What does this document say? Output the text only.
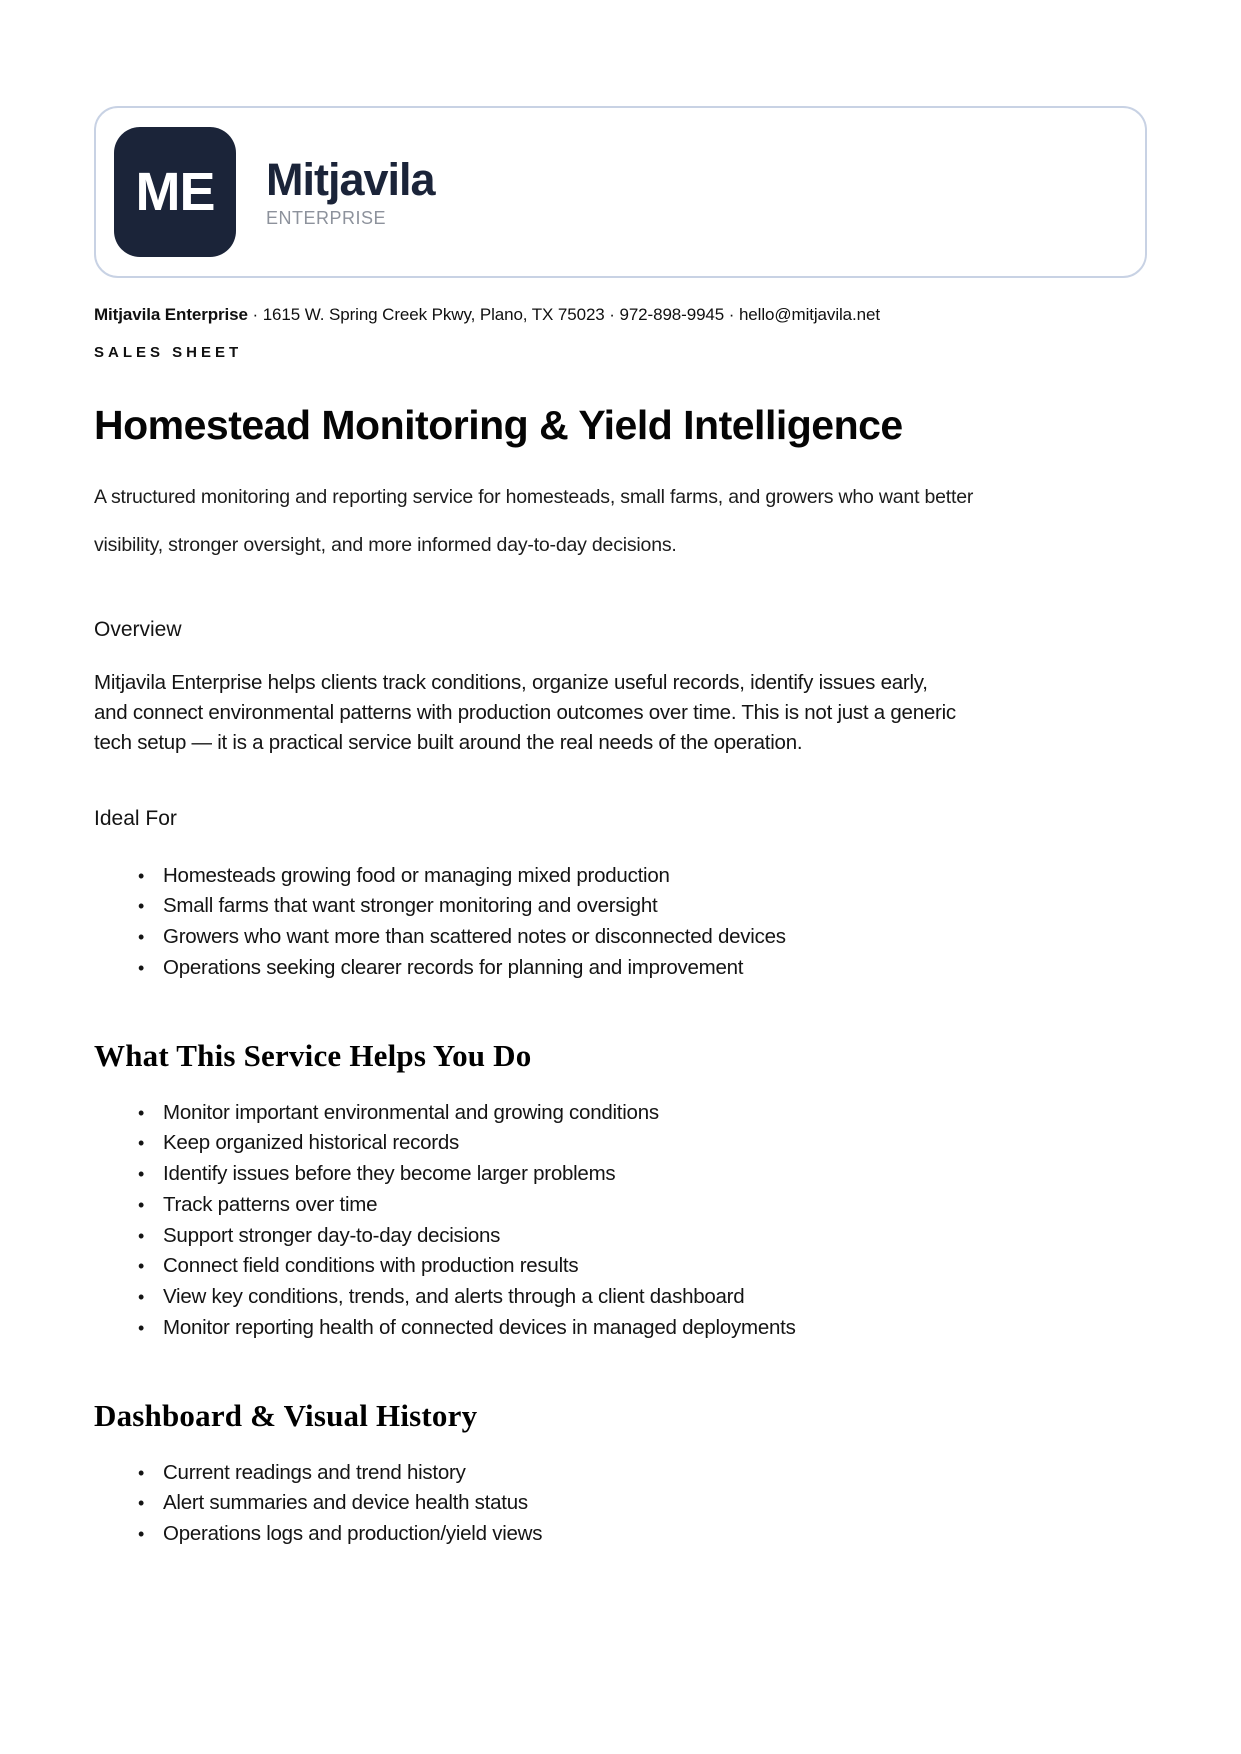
ME	Mitjavila
ENTERPRISE
Mitjavila Enterprise · 1615 W. Spring Creek Pkwy, Plano, TX 75023 · 972-898-9945 · hello@mitjavila.net
SALES SHEET
Homestead Monitoring & Yield Intelligence

A structured monitoring and reporting service for homesteads, small farms, and growers who want better visibility, stronger oversight, and more informed day-to-day decisions.

Overview

Mitjavila Enterprise helps clients track conditions, organize useful records, identify issues early, and connect environmental patterns with production outcomes over time. This is not just a generic tech setup — it is a practical service built around the real needs of the operation.

Ideal For
• Homesteads growing food or managing mixed production
• Small farms that want stronger monitoring and oversight
• Growers who want more than scattered notes or disconnected devices
• Operations seeking clearer records for planning and improvement
What This Service Helps You Do
• Monitor important environmental and growing conditions
• Keep organized historical records
• Identify issues before they become larger problems
• Track patterns over time
• Support stronger day-to-day decisions
• Connect field conditions with production results
• View key conditions, trends, and alerts through a client dashboard
• Monitor reporting health of connected devices in managed deployments
Dashboard & Visual History
• Current readings and trend history
• Alert summaries and device health status
• Operations logs and production/yield views
